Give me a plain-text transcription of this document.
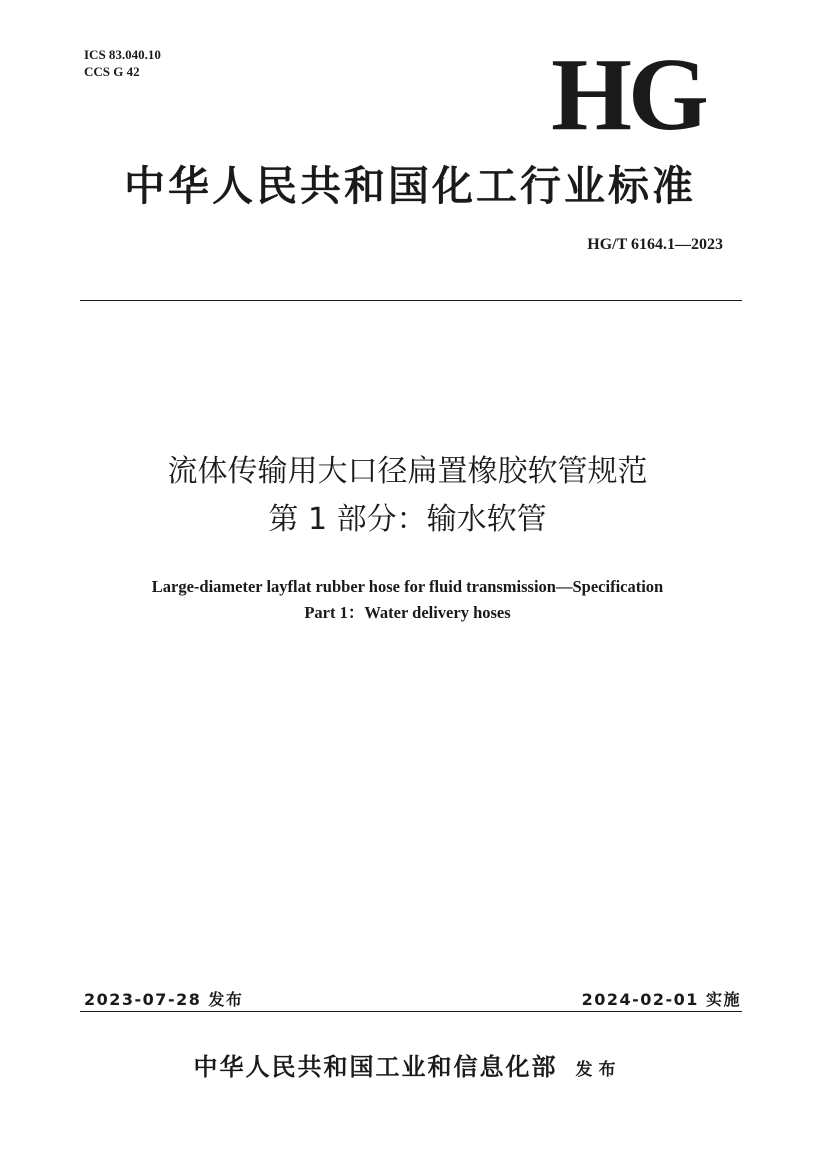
ICS 83.040.10
CCS G 42	HG
中华人民共和国化工行业标准
HG/T 6164.1—2023
流体传输用大口径扁置橡胶软管规范
第 1 部分：输水软管
Large-diameter layflat rubber hose for fluid transmission—Specification
Part 1：Water delivery hoses
2023-07-28 发布	2024-02-01 实施
中华人民共和国工业和信息化部 发布
